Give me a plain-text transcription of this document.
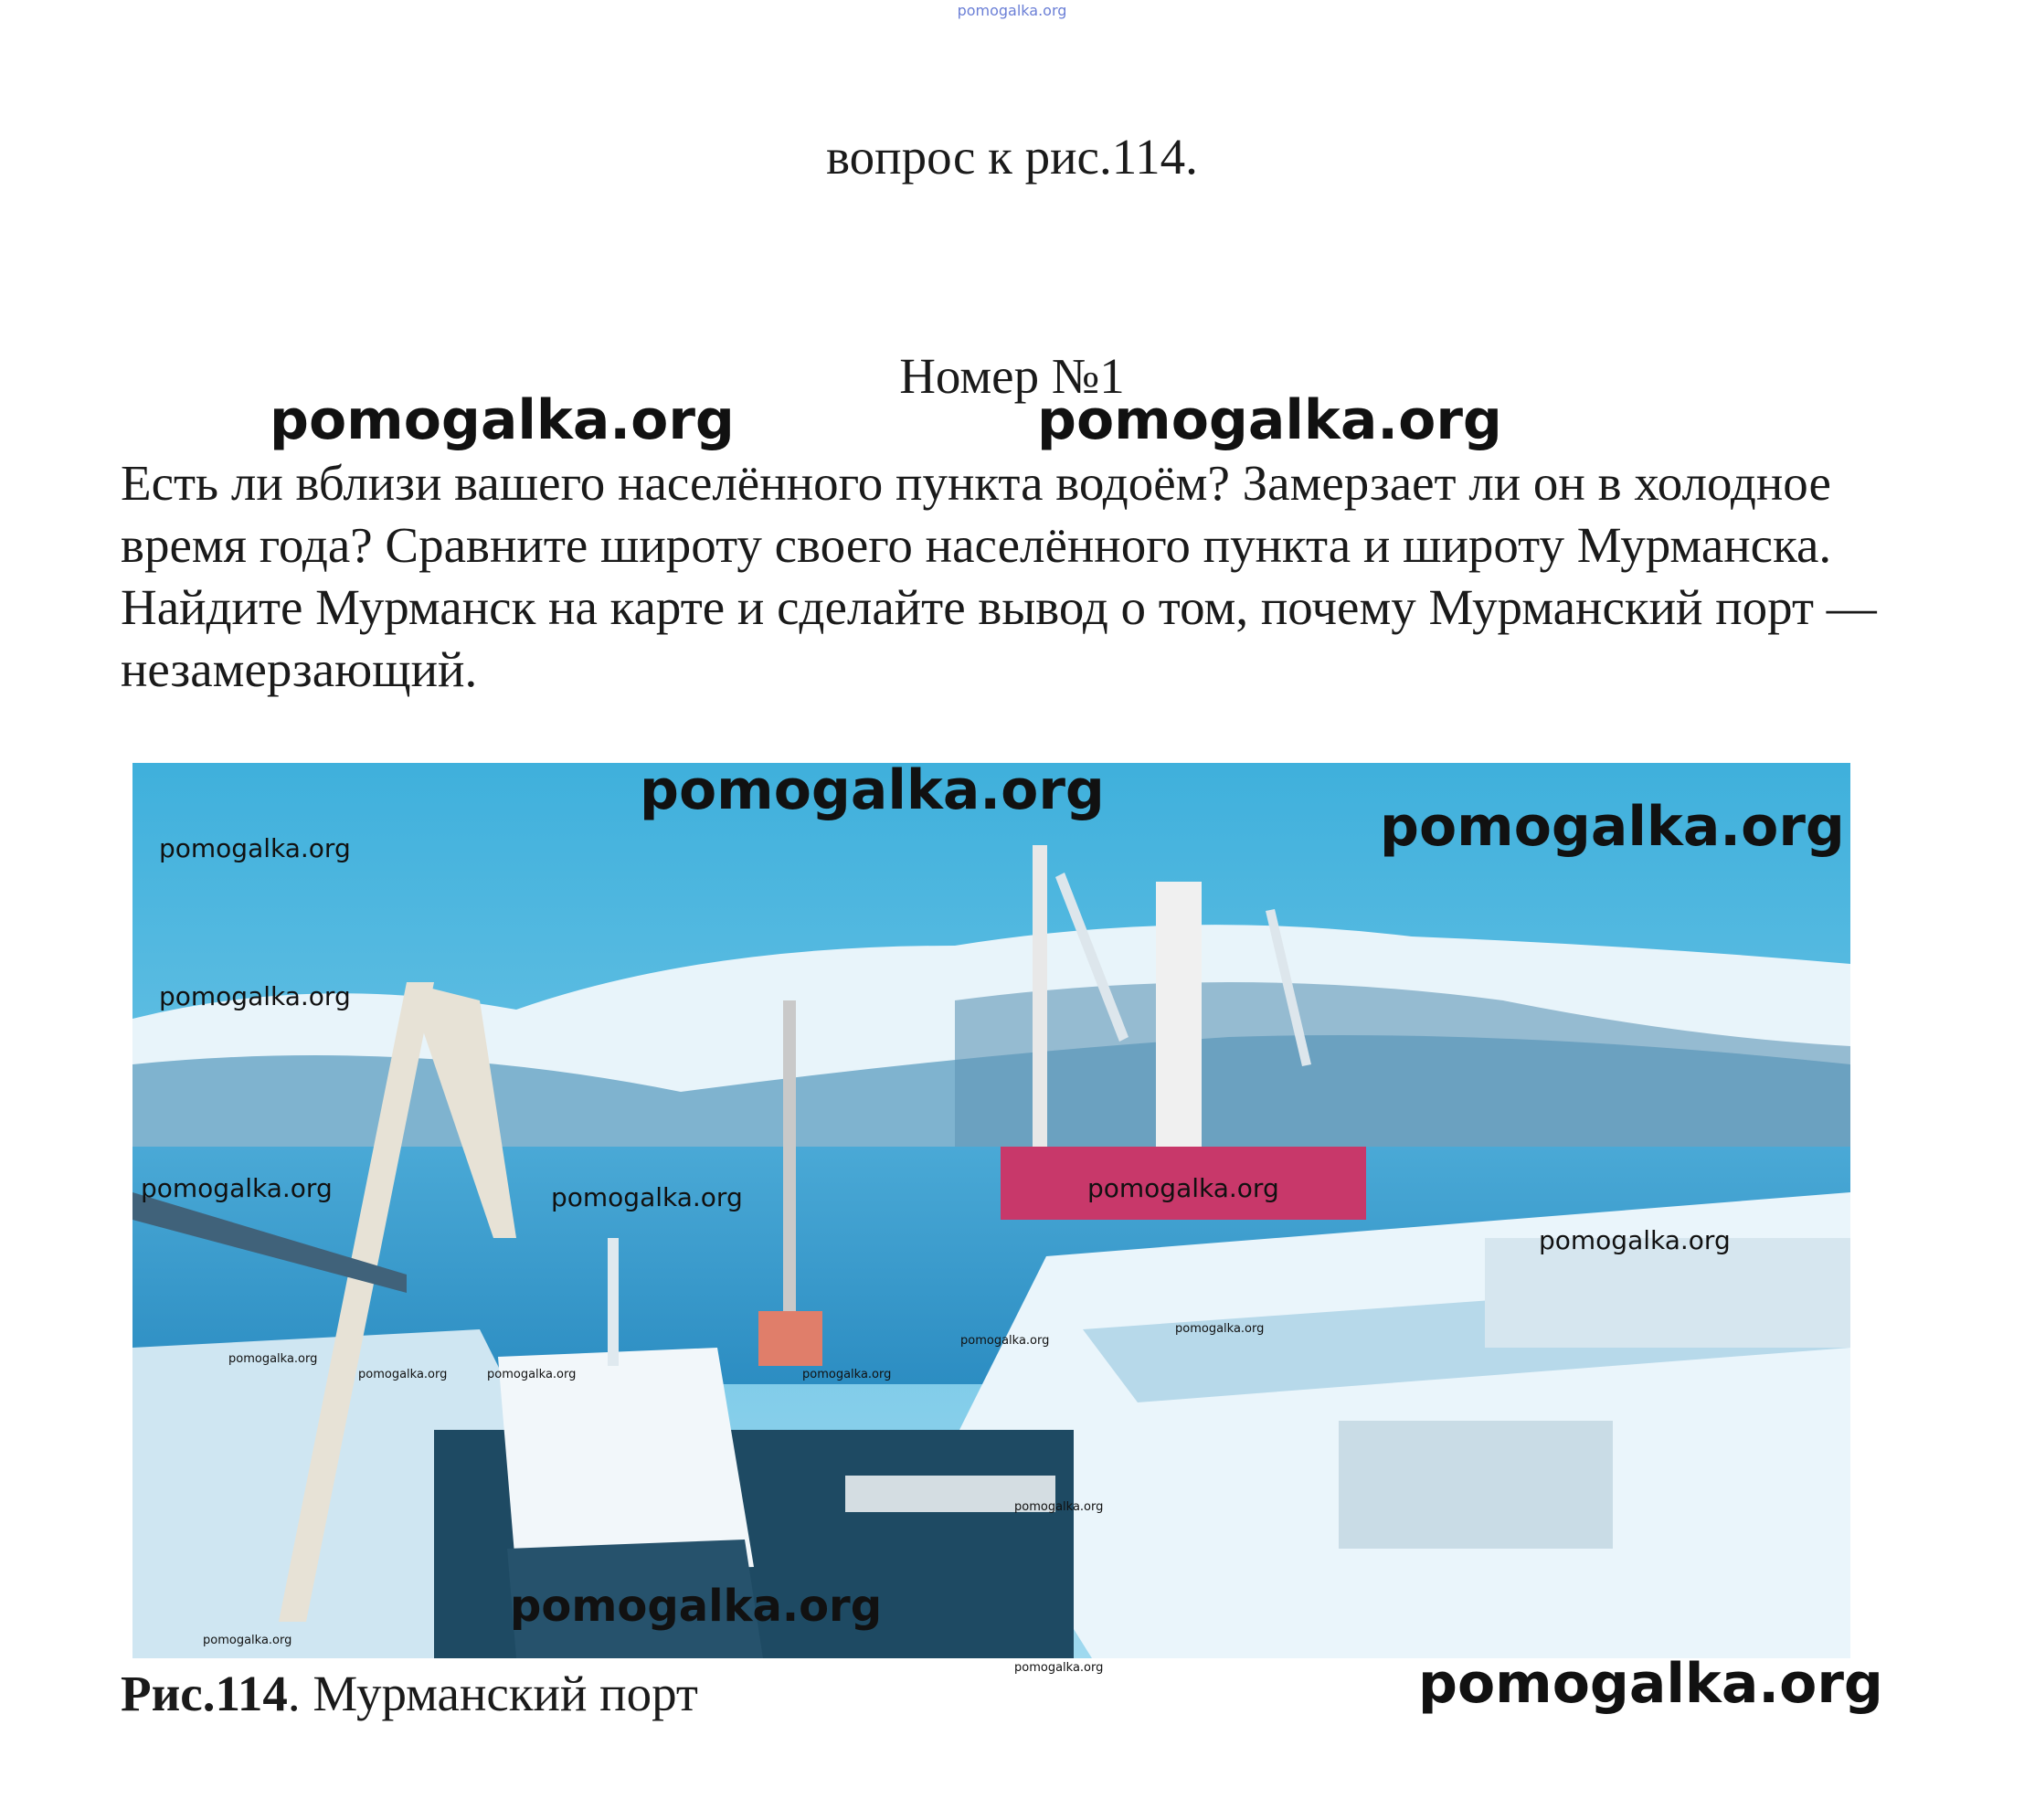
pomogalka.org
вопрос к рис.114.
Номер №1
pomogalka.org	pomogalka.org
Есть ли вблизи вашего населённого пункта водоём? Замерзает ли он в холодное время года? Сравните широту своего населённого пункта и широту Мурманска. Найдите Мурманск на карте и сделайте вывод о том, почему Мурманский порт — незамерзающий.
pomogalka.org
pomogalka.org
pomogalka.org
pomogalka.org
pomogalka.org	pomogalka.org	pomogalka.org
pomogalka.org
pomogalka.org
pomogalka.org	pomogalka.org	pomogalka.org
pomogalka.org
pomogalka.org
pomogalka.org
pomogalka.org
pomogalka.org
pomogalka.org
Рис.114. Мурманский порт	pomogalka.org
